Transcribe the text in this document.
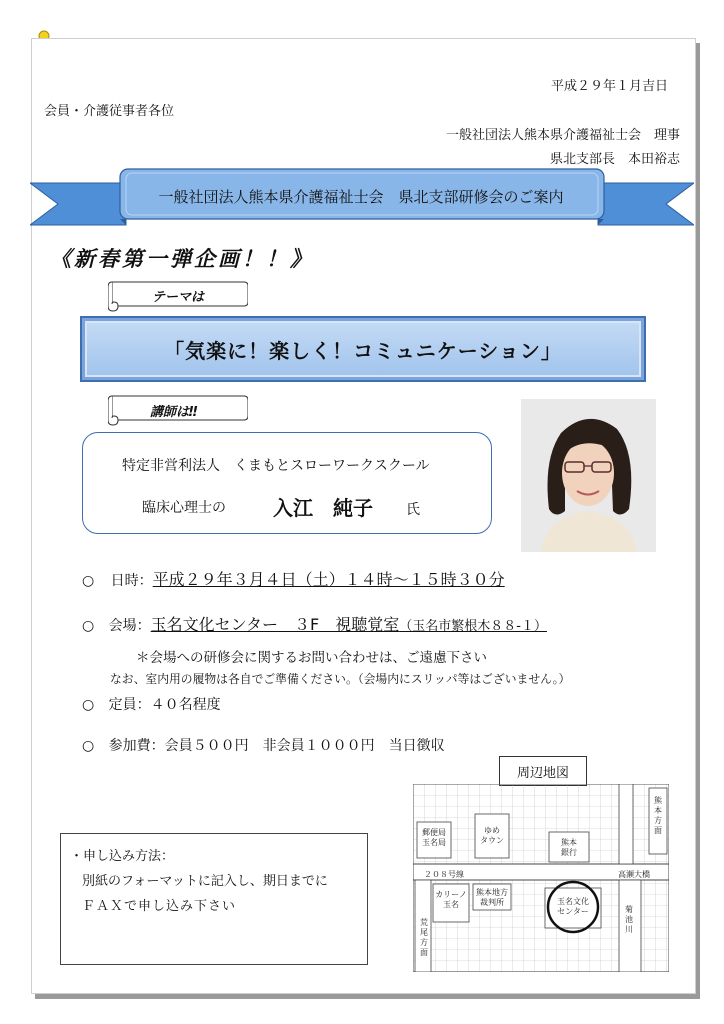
平成２９年１月吉日
会員・介護従事者各位
一般社団法人熊本県介護福祉士会　理事
県北支部長　本田裕志
一般社団法人熊本県介護福祉士会　県北支部研修会のご案内
《新春第一弾企画！！》
テーマは
「気楽に！楽しく！コミュニケーション」
講師は‼
特定非営利法人　くまもとスローワークスクール
臨床心理士の 入江　純子 氏
○ 日時：平成２９年３月４日（土）１４時～１５時３０分
○ 会場：玉名文化センター　３F　視聴覚室（玉名市繁根木８８-１）
＊会場への研修会に関するお問い合わせは、ご遠慮下さい
なお、室内用の履物は各自でご準備ください。（会場内にスリッパ等はございません。）
○ 定員：４０名程度
○ 参加費：会員５００円　非会員１０００円　当日徴収
・申し込み方法：
別紙のフォーマットに記入し、期日までに
ＦＡＸで申し込み下さい
周辺地図
郵便局
玉名局
ゆめ
タウン	熊本
銀行
２０８号線	高瀬大橋
カリーノ
玉名
熊本地方
裁判所	玉名文化
センター
熊
本
方
面
荒
尾
方
面
菊
池
川
